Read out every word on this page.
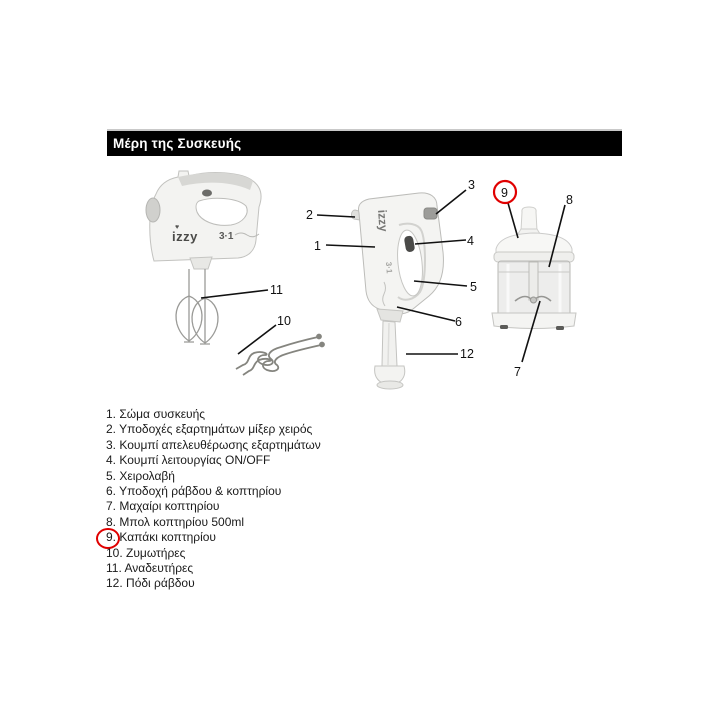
Μέρη της Συσκευής
♥
izzy 3·1
izzy
3·1
1
2
3
4
5
6
7
8
9
10
11
12
1. Σώμα συσκευής
2. Υποδοχές εξαρτημάτων μίξερ χειρός
3. Κουμπί απελευθέρωσης εξαρτημάτων
4. Κουμπί λειτουργίας ON/OFF
5. Χειρολαβή
6. Υποδοχή ράβδου & κοπτηρίου
7. Μαχαίρι κοπτηρίου
8. Μπολ κοπτηρίου 500ml
9. Καπάκι κοπτηρίου
10. Ζυμωτήρες
11. Αναδευτήρες
12. Πόδι ράβδου
